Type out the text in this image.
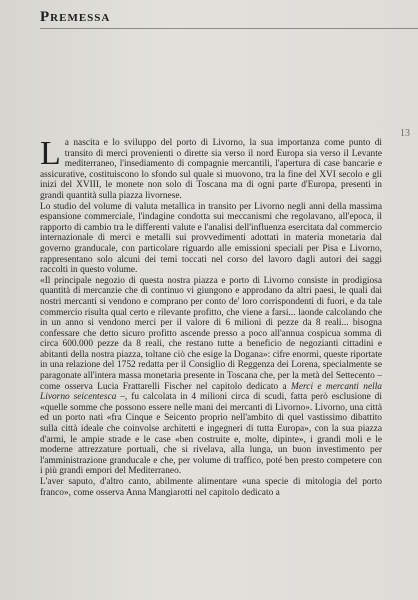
Premessa
13

La nascita e lo sviluppo del porto di Livorno, la sua importanza come punto di transito di merci provenienti o dirette sia verso il nord Europa sia verso il Levante mediterraneo, l'insediamento di compagnie mercantili, l'apertura di case bancarie e assicurative, costituiscono lo sfondo sul quale si muovono, tra la fine del XVI secolo e gli inizi del XVIII, le monete non solo di Toscana ma di ogni parte d'Europa, presenti in grandi quantità sulla piazza livornese.

Lo studio del volume di valuta metallica in transito per Livorno negli anni della massima espansione commerciale, l'indagine condotta sui meccanismi che regolavano, all'epoca, il rapporto di cambio tra le differenti valute e l'analisi dell'influenza esercitata dal commercio internazionale di merci e metalli sui provvedimenti adottati in materia monetaria dal governo granducale, con particolare riguardo alle emissioni speciali per Pisa e Livorno, rappresentano solo alcuni dei temi toccati nel corso del lavoro dagli autori dei saggi raccolti in questo volume.

«Il principale negozio di questa nostra piazza e porto di Livorno consiste in prodigiosa quantità di mercanzie che di continuo vi giungono e approdano da altri paesi, le quali dai nostri mercanti si vendono e comprano per conto de' loro corrispondenti di fuori, e da tale commercio risulta qual certo e rilevante profitto, che viene a farsi... laonde calcolando che in un anno si vendono merci per il valore di 6 milioni di pezze da 8 reali... bisogna confessare che detto sicuro profitto ascende presso a poco all'annua cospicua somma di circa 600.000 pezze da 8 reali, che restano tutte a beneficio de negozianti cittadini e abitanti della nostra piazza, toltane ciò che esige la Dogana»: cifre enormi, queste riportate in una relazione del 1752 redatta per il Consiglio di Reggenza dei Lorena, specialmente se paragonate all'intera massa monetaria presente in Toscana che, per la metà del Settecento – come osserva Lucia Frattarelli Fischer nel capitolo dedicato a Merci e mercanti nella Livorno seicentesca –, fu calcolata in 4 milioni circa di scudi, fatta però esclusione di «quelle somme che possono essere nelle mani dei mercanti di Livorno». Livorno, una città ed un porto nati «fra Cinque e Seicento proprio nell'ambito di quel vastissimo dibattito sulla città ideale che coinvolse architetti e ingegneri di tutta Europa», con la sua piazza d'armi, le ampie strade e le case «ben costruite e, molte, dipinte», i grandi moli e le moderne attrezzature portuali, che si rivelava, alla lunga, un buon investimento per l'amministrazione granducale e che, per volume di traffico, poté ben presto competere con i più grandi empori del Mediterraneo.

L'aver saputo, d'altro canto, abilmente alimentare «una specie di mitologia del porto franco», come osserva Anna Mangiarotti nel capitolo dedicato a
